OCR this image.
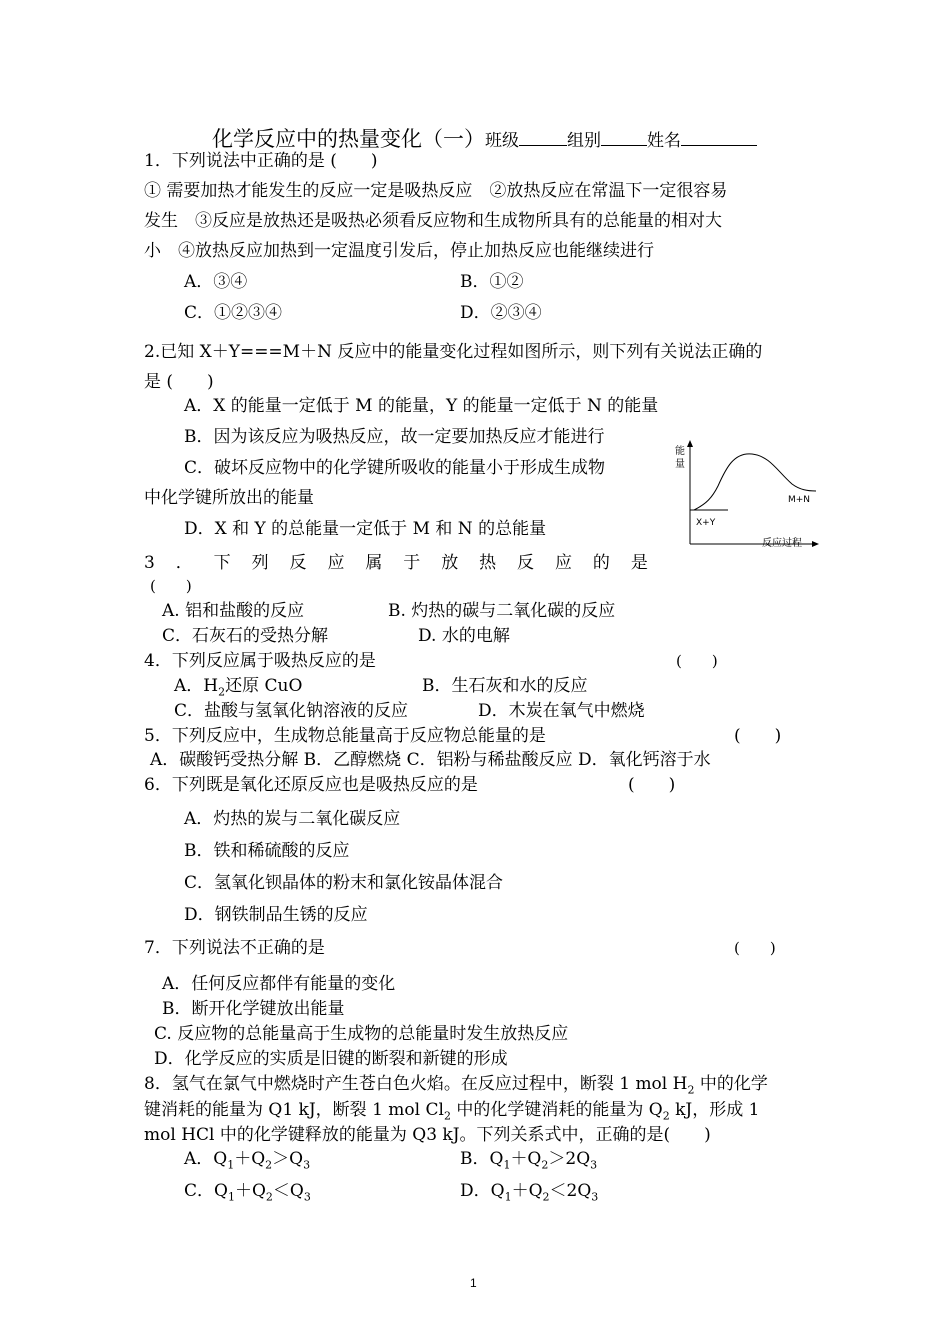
化学反应中的热量变化（一）班级	组别	姓名
1．下列说法中正确的是 (　　)
① 需要加热才能发生的反应一定是吸热反应　②放热反应在常温下一定很容易
发生　③反应是放热还是吸热必须看反应物和生成物所具有的总能量的相对大
小　④放热反应加热到一定温度引发后，停止加热反应也能继续进行
A．③④	B．①②
C．①②③④	D．②③④
2.已知 X＋Y===M＋N 反应中的能量变化过程如图所示，则下列有关说法正确的
是 (　　)
A．X 的能量一定低于 M 的能量，Y 的能量一定低于 N 的能量
B．因为该反应为吸热反应，故一定要加热反应才能进行
C．破坏反应物中的化学键所吸收的能量小于形成生成物
中化学键所放出的能量
D．X 和 Y 的总能量一定低于 M 和 N 的总能量
能
量
X+Y
M+N
反应过程
3 ． 下 列 反 应 属 于 放 热 反 应 的 是
(　　)
A. 铝和盐酸的反应	B. 灼热的碳与二氧化碳的反应
C．石灰石的受热分解	D. 水的电解
4．下列反应属于吸热反应的是	(　　)
A．$H_2$还原 CuO	B．生石灰和水的反应
C．盐酸与氢氧化钠溶液的反应	D．木炭在氧气中燃烧
5．下列反应中，生成物总能量高于反应物总能量的是	(　　)
A．碳酸钙受热分解 B．乙醇燃烧 C．铝粉与稀盐酸反应 D．氧化钙溶于水
6．下列既是氧化还原反应也是吸热反应的是	(　　)
A．灼热的炭与二氧化碳反应
B．铁和稀硫酸的反应
C．氢氧化钡晶体的粉末和氯化铵晶体混合
D．钢铁制品生锈的反应
7．下列说法不正确的是	(　　)
A．任何反应都伴有能量的变化
B．断开化学键放出能量
C. 反应物的总能量高于生成物的总能量时发生放热反应
D．化学反应的实质是旧键的断裂和新键的形成
8．氢气在氯气中燃烧时产生苍白色火焰。在反应过程中，断裂 1 mol $H_2$ 中的化学
键消耗的能量为 Q1 kJ，断裂 1 mol $Cl_2$ 中的化学键消耗的能量为 $Q_2$ kJ，形成 1
mol HCl 中的化学键释放的能量为 Q3 kJ。下列关系式中，正确的是(　　)
A．$Q_1+Q_2>Q_3$	B．$Q_1+Q_2>2Q_3$
C．$Q_1+Q_2<Q_3$	D．$Q_1+Q_2<2Q_3$
1
